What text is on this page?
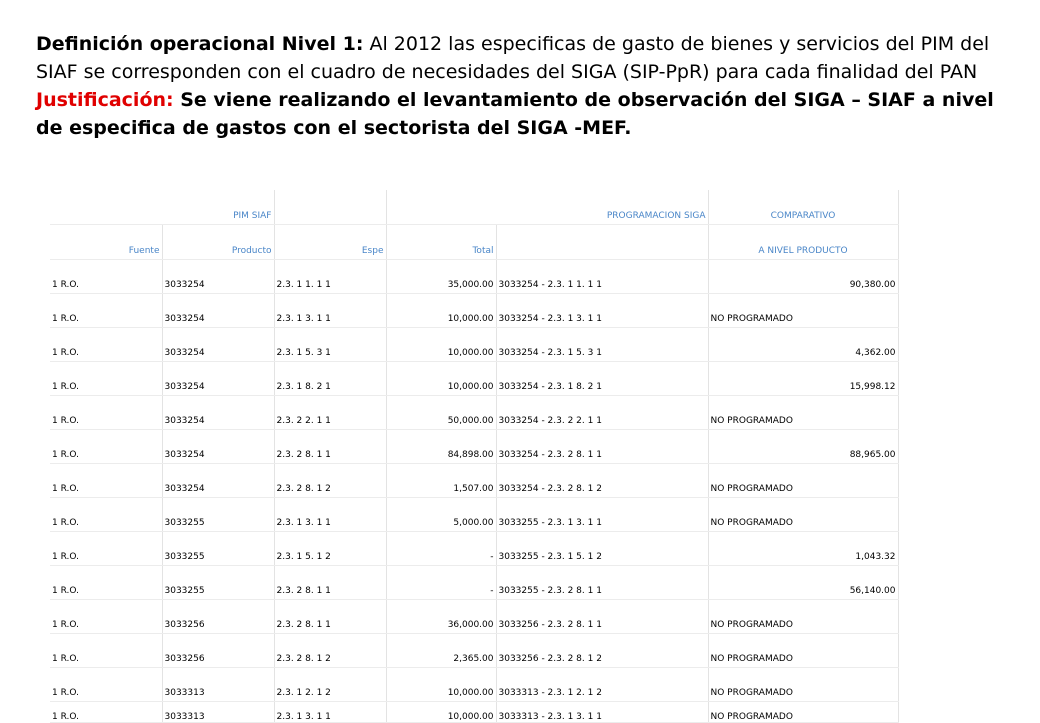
Definición operacional Nivel 1: Al 2012 las especificas de gasto de bienes y servicios del PIM del SIAF se corresponden con el cuadro de necesidades del SIGA (SIP-PpR) para cada finalidad del PAN
Justificación: Se viene realizando el levantamiento de observación del SIGA – SIAF a nivel de especifica de gastos con el sectorista del SIGA -MEF.
PIM SIAF			PROGRAMACION SIGA		COMPARATIVO
Fuente	Producto	Espe	Total		A NIVEL PRODUCTO
1 R.O.	3033254	2.3. 1 1. 1 1	35,000.00	3033254 - 2.3. 1 1. 1 1	90,380.00
1 R.O.	3033254	2.3. 1 3. 1 1	10,000.00	3033254 - 2.3. 1 3. 1 1	NO PROGRAMADO
1 R.O.	3033254	2.3. 1 5. 3 1	10,000.00	3033254 - 2.3. 1 5. 3 1	4,362.00
1 R.O.	3033254	2.3. 1 8. 2 1	10,000.00	3033254 - 2.3. 1 8. 2 1	15,998.12
1 R.O.	3033254	2.3. 2 2. 1 1	50,000.00	3033254 - 2.3. 2 2. 1 1	NO PROGRAMADO
1 R.O.	3033254	2.3. 2 8. 1 1	84,898.00	3033254 - 2.3. 2 8. 1 1	88,965.00
1 R.O.	3033254	2.3. 2 8. 1 2	1,507.00	3033254 - 2.3. 2 8. 1 2	NO PROGRAMADO
1 R.O.	3033255	2.3. 1 3. 1 1	5,000.00	3033255 - 2.3. 1 3. 1 1	NO PROGRAMADO
1 R.O.	3033255	2.3. 1 5. 1 2	-	3033255 - 2.3. 1 5. 1 2	1,043.32
1 R.O.	3033255	2.3. 2 8. 1 1	-	3033255 - 2.3. 2 8. 1 1	56,140.00
1 R.O.	3033256	2.3. 2 8. 1 1	36,000.00	3033256 - 2.3. 2 8. 1 1	NO PROGRAMADO
1 R.O.	3033256	2.3. 2 8. 1 2	2,365.00	3033256 - 2.3. 2 8. 1 2	NO PROGRAMADO
1 R.O.	3033313	2.3. 1 2. 1 2	10,000.00	3033313 - 2.3. 1 2. 1 2	NO PROGRAMADO
1 R.O.	3033313	2.3. 1 3. 1 1	10,000.00	3033313 - 2.3. 1 3. 1 1	NO PROGRAMADO
